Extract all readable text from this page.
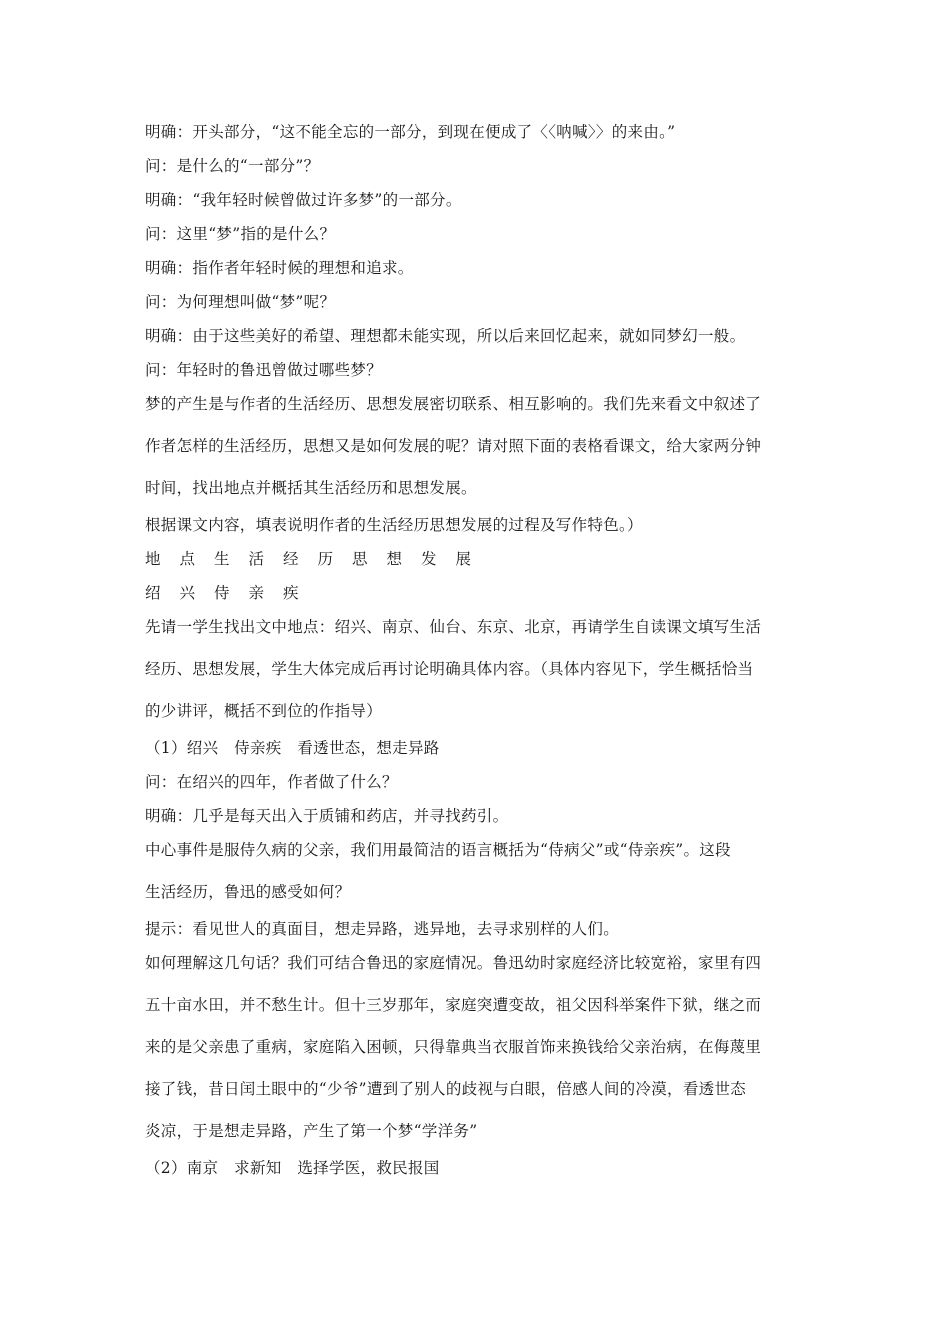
明确：开头部分，“这不能全忘的一部分，到现在便成了〈〈呐喊〉〉的来由。”
问：是什么的“一部分”？
明确：“我年轻时候曾做过许多梦”的一部分。
问：这里“梦”指的是什么？
明确：指作者年轻时候的理想和追求。
问：为何理想叫做“梦”呢？
明确：由于这些美好的希望、理想都未能实现，所以后来回忆起来，就如同梦幻一般。
问：年轻时的鲁迅曾做过哪些梦？
梦的产生是与作者的生活经历、思想发展密切联系、相互影响的。我们先来看文中叙述了
作者怎样的生活经历，思想又是如何发展的呢？请对照下面的表格看课文，给大家两分钟
时间，找出地点并概括其生活经历和思想发展。
根据课文内容，填表说明作者的生活经历思想发展的过程及写作特色。）
地点生活经历思想发展
绍兴侍亲疾
先请一学生找出文中地点：绍兴、南京、仙台、东京、北京，再请学生自读课文填写生活
经历、思想发展，学生大体完成后再讨论明确具体内容。（具体内容见下，学生概括恰当
的少讲评，概括不到位的作指导）
（1）绍兴　侍亲疾　看透世态，想走异路
问：在绍兴的四年，作者做了什么？
明确：几乎是每天出入于质铺和药店，并寻找药引。
中心事件是服侍久病的父亲，我们用最简洁的语言概括为“侍病父”或“侍亲疾”。这段
生活经历，鲁迅的感受如何？
提示：看见世人的真面目，想走异路，逃异地，去寻求别样的人们。
如何理解这几句话？我们可结合鲁迅的家庭情况。鲁迅幼时家庭经济比较宽裕，家里有四
五十亩水田，并不愁生计。但十三岁那年，家庭突遭变故，祖父因科举案件下狱，继之而
来的是父亲患了重病，家庭陷入困顿，只得靠典当衣服首饰来换钱给父亲治病，在侮蔑里
接了钱，昔日闰土眼中的“少爷”遭到了别人的歧视与白眼，倍感人间的冷漠，看透世态
炎凉，于是想走异路，产生了第一个梦“学洋务”
（2）南京　求新知　选择学医，救民报国
